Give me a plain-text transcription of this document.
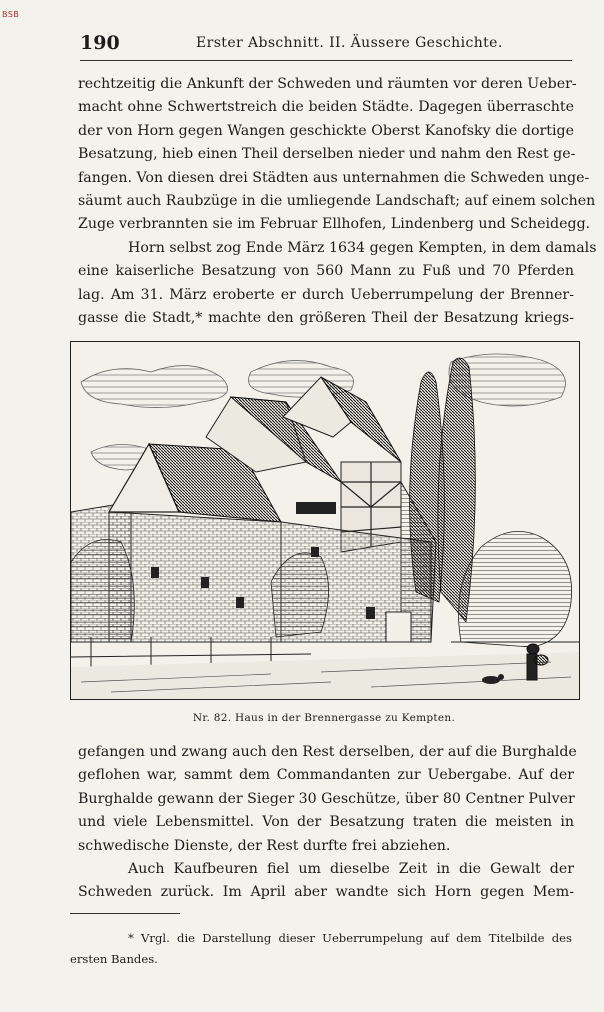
BSB
190	Erster Abschnitt. II. Äussere Geschichte.
rechtzeitig die Ankunft der Schweden und räumten vor deren Ueber-
macht ohne Schwertstreich die beiden Städte. Dagegen überraschte
der von Horn gegen Wangen geschickte Oberst Kanofsky die dortige
Besatzung, hieb einen Theil derselben nieder und nahm den Rest ge-
fangen. Von diesen drei Städten aus unternahmen die Schweden unge-
säumt auch Raubzüge in die umliegende Landschaft; auf einem solchen
Zuge verbrannten sie im Februar Ellhofen, Lindenberg und Scheidegg.
Horn selbst zog Ende März 1634 gegen Kempten, in dem damals
eine kaiserliche Besatzung von 560 Mann zu Fuß und 70 Pferden
lag. Am 31. März eroberte er durch Ueberrumpelung der Brenner-
gasse die Stadt,* machte den größeren Theil der Besatzung kriegs-
Nr. 82. Haus in der Brennergasse zu Kempten.
gefangen und zwang auch den Rest derselben, der auf die Burghalde
geflohen war, sammt dem Commandanten zur Uebergabe. Auf der
Burghalde gewann der Sieger 30 Geschütze, über 80 Centner Pulver
und viele Lebensmittel. Von der Besatzung traten die meisten in
schwedische Dienste, der Rest durfte frei abziehen.
Auch Kaufbeuren fiel um dieselbe Zeit in die Gewalt der
Schweden zurück. Im April aber wandte sich Horn gegen Mem-
* Vrgl. die Darstellung dieser Ueberrumpelung auf dem Titelbilde des
ersten Bandes.
